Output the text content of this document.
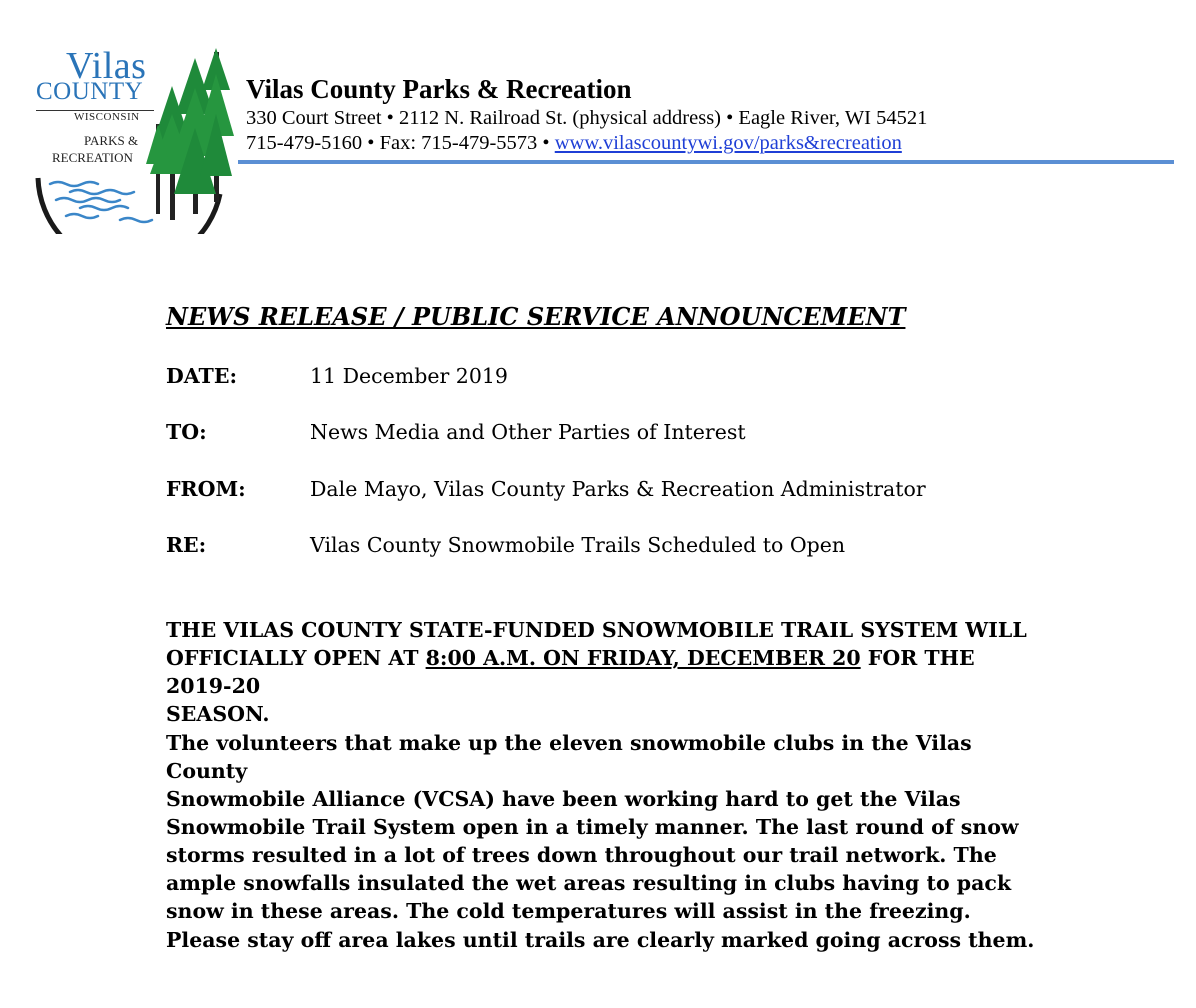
Vilas
COUNTY
WISCONSIN
PARKS &
RECREATION
Vilas County Parks & Recreation
330 Court Street • 2112 N. Railroad St. (physical address) • Eagle River, WI 54521
715-479-5160 • Fax: 715-479-5573 • www.vilascountywi.gov/parks&recreation
NEWS RELEASE / PUBLIC SERVICE ANNOUNCEMENT
DATE:	11 December 2019
TO:	News Media and Other Parties of Interest
FROM:	Dale Mayo, Vilas County Parks & Recreation Administrator
RE:	Vilas County Snowmobile Trails Scheduled to Open
THE VILAS COUNTY STATE-FUNDED SNOWMOBILE TRAIL SYSTEM WILL
OFFICIALLY OPEN AT 8:00 A.M. ON FRIDAY, DECEMBER 20 FOR THE 2019-20
SEASON.
The volunteers that make up the eleven snowmobile clubs in the Vilas County
Snowmobile Alliance (VCSA) have been working hard to get the Vilas
Snowmobile Trail System open in a timely manner. The last round of snow
storms resulted in a lot of trees down throughout our trail network. The
ample snowfalls insulated the wet areas resulting in clubs having to pack
snow in these areas. The cold temperatures will assist in the freezing.
Please stay off area lakes until trails are clearly marked going across them.
